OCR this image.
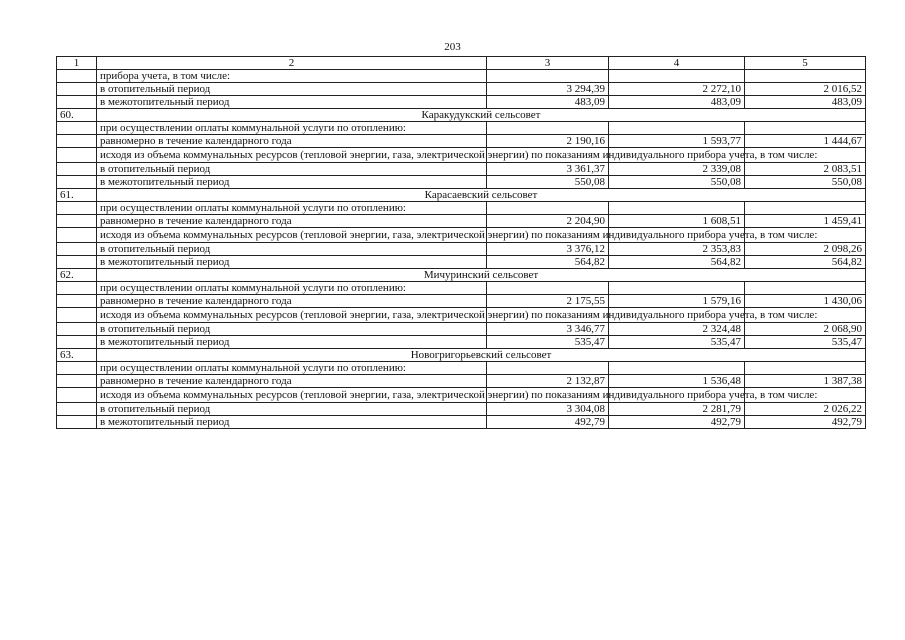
203
1	2	3	4	5
	прибора учета, в том числе:			
	в отопительный период	3 294,39	2 272,10	2 016,52
	в межотопительный период	483,09	483,09	483,09
60.	Каракудукский сельсовет			
	при осуществлении оплаты коммунальной услуги по отоплению:			
	равномерно в течение календарного года	2 190,16	1 593,77	1 444,67
	исходя из объема коммунальных ресурсов (тепловой энергии, газа, электрической энергии) по показаниям индивидуального прибора учета, в том числе:			
	в отопительный период	3 361,37	2 339,08	2 083,51
	в межотопительный период	550,08	550,08	550,08
61.	Карасаевский сельсовет			
	при осуществлении оплаты коммунальной услуги по отоплению:			
	равномерно в течение календарного года	2 204,90	1 608,51	1 459,41
	исходя из объема коммунальных ресурсов (тепловой энергии, газа, электрической энергии) по показаниям индивидуального прибора учета, в том числе:			
	в отопительный период	3 376,12	2 353,83	2 098,26
	в межотопительный период	564,82	564,82	564,82
62.	Мичуринский сельсовет			
	при осуществлении оплаты коммунальной услуги по отоплению:			
	равномерно в течение календарного года	2 175,55	1 579,16	1 430,06
	исходя из объема коммунальных ресурсов (тепловой энергии, газа, электрической энергии) по показаниям индивидуального прибора учета, в том числе:			
	в отопительный период	3 346,77	2 324,48	2 068,90
	в межотопительный период	535,47	535,47	535,47
63.	Новогригорьевский сельсовет			
	при осуществлении оплаты коммунальной услуги по отоплению:			
	равномерно в течение календарного года	2 132,87	1 536,48	1 387,38
	исходя из объема коммунальных ресурсов (тепловой энергии, газа, электрической энергии) по показаниям индивидуального прибора учета, в том числе:			
	в отопительный период	3 304,08	2 281,79	2 026,22
	в межотопительный период	492,79	492,79	492,79
